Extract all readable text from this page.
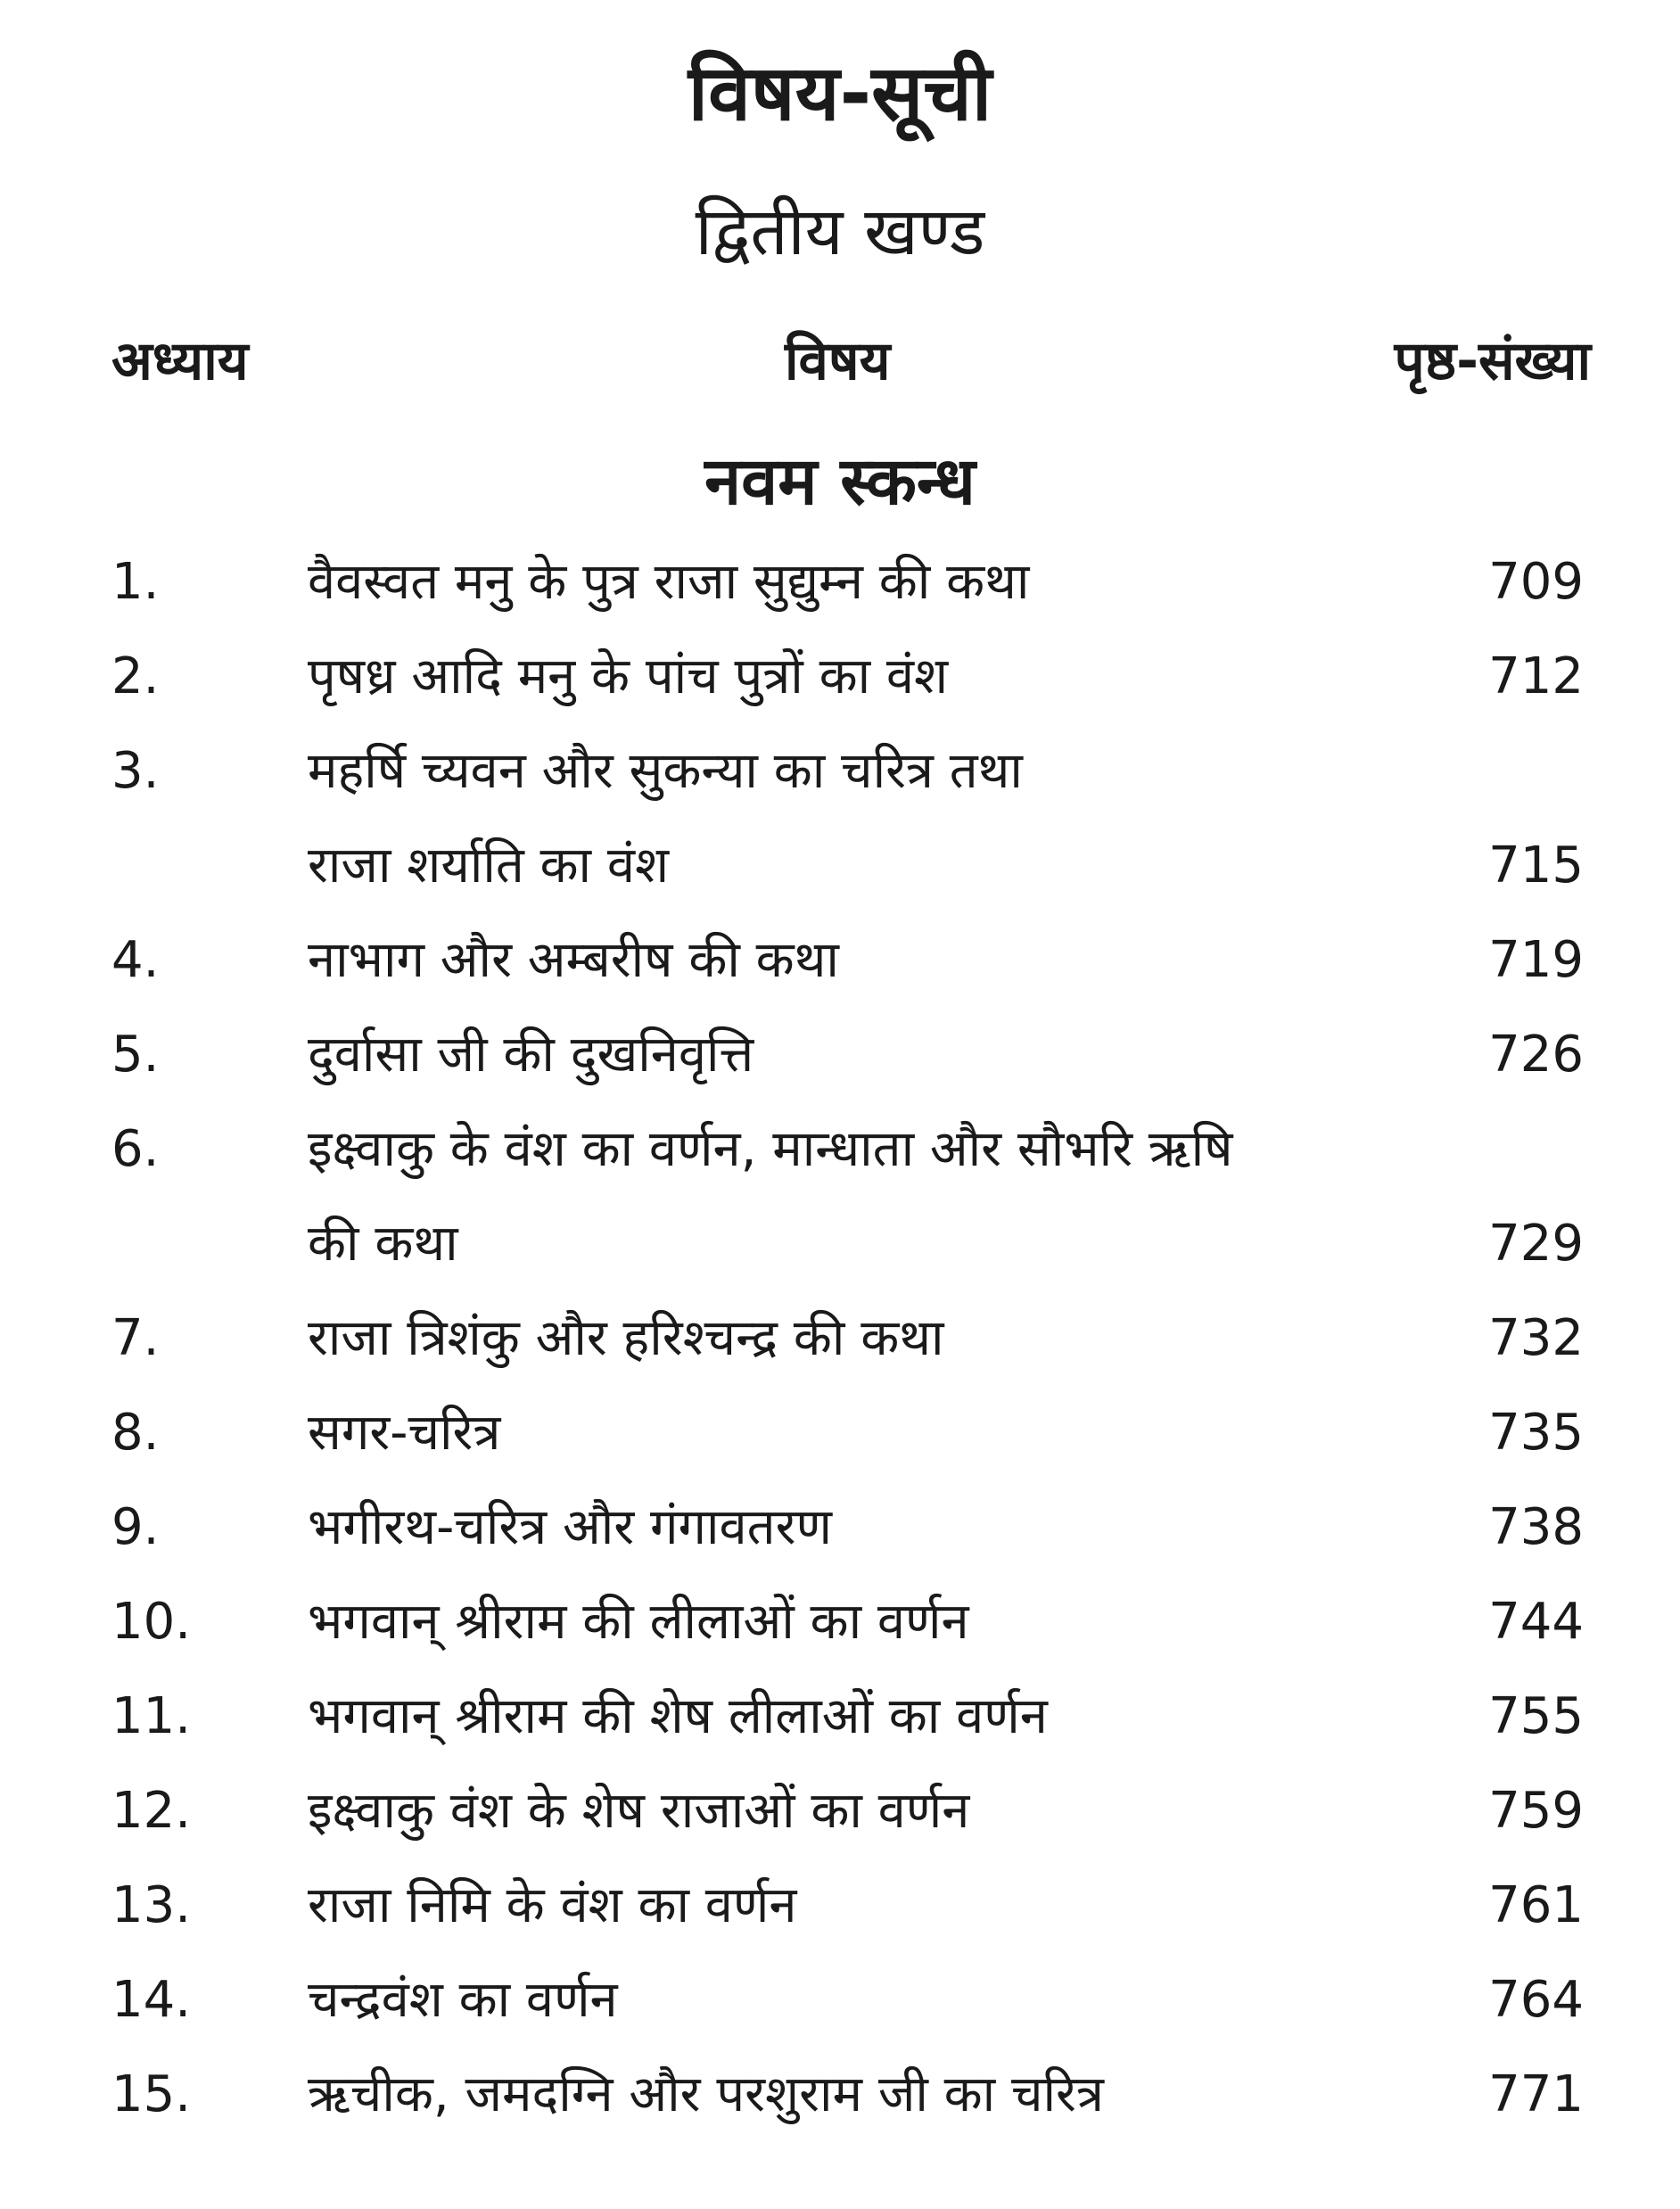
विषय-सूची
द्वितीय खण्ड
अध्याय	विषय	पृष्ठ-संख्या
नवम स्कन्ध
1.	वैवस्वत मनु के पुत्र राजा सुद्युम्न की कथा	709
2.	पृषध्र आदि मनु के पांच पुत्रों का वंश	712
3.	महर्षि च्यवन और सुकन्या का चरित्र तथा
राजा शर्याति का वंश	715
4.	नाभाग और अम्बरीष की कथा	719
5.	दुर्वासा जी की दुखनिवृत्ति	726
6.	इक्ष्वाकु के वंश का वर्णन, मान्धाता और सौभरि ऋषि
की कथा	729
7.	राजा त्रिशंकु और हरिश्चन्द्र की कथा	732
8.	सगर-चरित्र	735
9.	भगीरथ-चरित्र और गंगावतरण	738
10. भगवान् श्रीराम की लीलाओं का वर्णन	744
11. भगवान् श्रीराम की शेष लीलाओं का वर्णन	755
12. इक्ष्वाकु वंश के शेष राजाओं का वर्णन	759
13. राजा निमि के वंश का वर्णन	761
14. चन्द्रवंश का वर्णन	764
15. ऋचीक, जमदग्नि और परशुराम जी का चरित्र	771
